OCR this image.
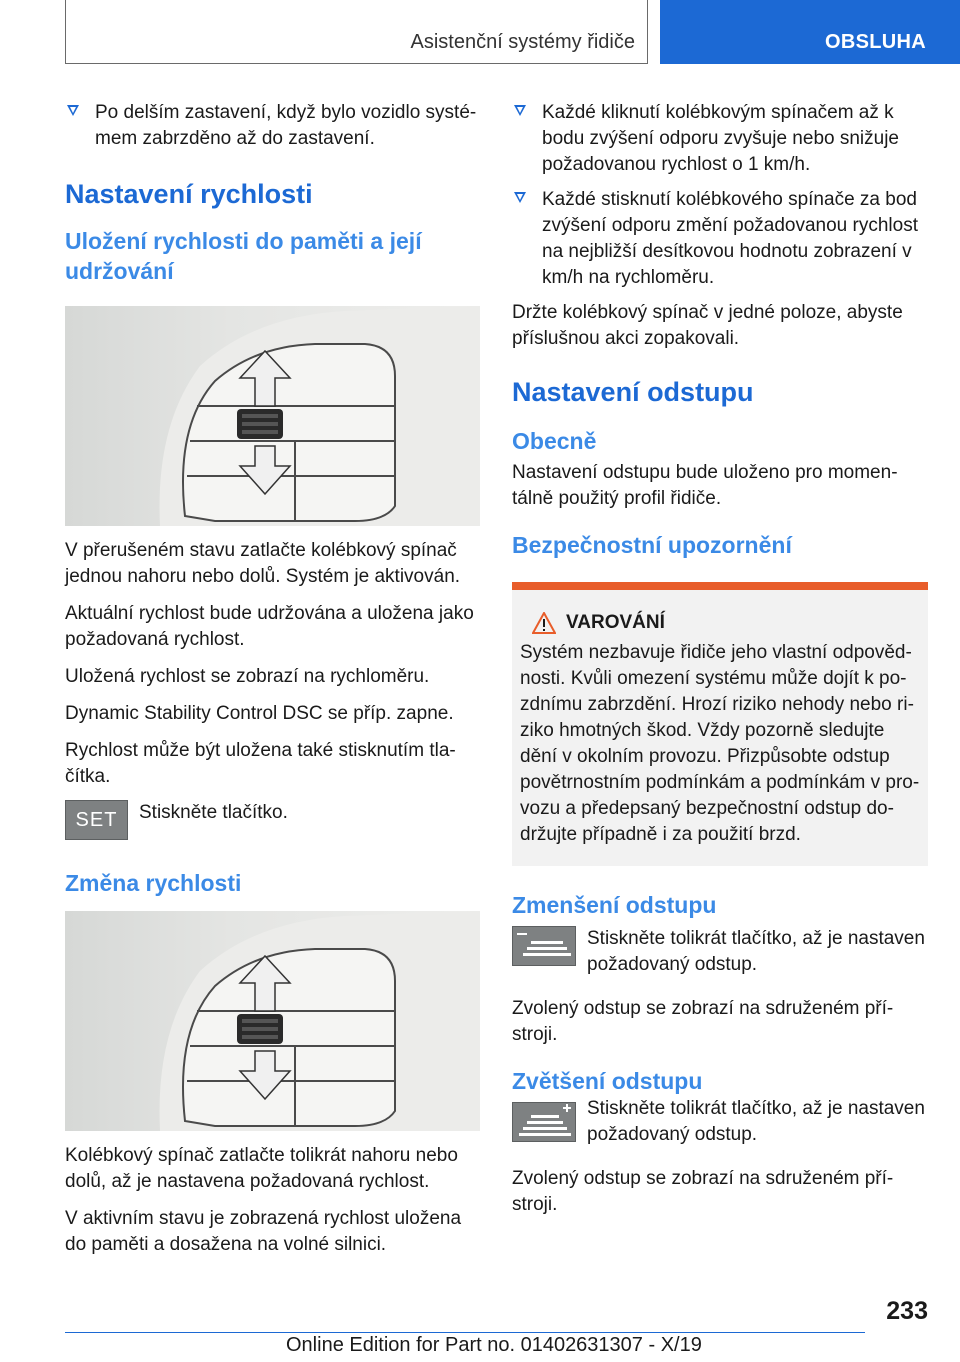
Asistenční systémy řidiče	OBSLUHA
Po delším zastavení, když bylo vozidlo systé‐mem zabrzděno až do zastavení.
Nastavení rychlosti
Uložení rychlosti do paměti a její udržování

V přerušeném stavu zatlačte kolébkový spínač jednou nahoru nebo dolů. Systém je aktivován.

Aktuální rychlost bude udržována a uložena jako požadovaná rychlost.

Uložená rychlost se zobrazí na rychloměru.

Dynamic Stability Control DSC se příp. zapne.

Rychlost může být uložena také stisknutím tla‐čítka.

SET Stiskněte tlačítko.

Změna rychlosti

Kolébkový spínač zatlačte tolikrát nahoru nebo dolů, až je nastavena požadovaná rychlost.

V aktivním stavu je zobrazená rychlost uložena do paměti a dosažena na volné silnici.

Každé kliknutí kolébkovým spínačem až k bodu zvýšení odporu zvyšuje nebo snižuje požadovanou rychlost o 1 km/h.
Každé stisknutí kolébkového spínače za bod zvýšení odporu změní požadovanou rychlost na nejbližší desítkovou hodnotu zobrazení v km/h na rychloměru.

Držte kolébkový spínač v jedné poloze, abyste příslušnou akci zopakovali.

Nastavení odstupu
Obecně

Nastavení odstupu bude uloženo pro momen‐tálně použitý profil řidiče.

Bezpečnostní upozornění
VAROVÁNÍ

Systém nezbavuje řidiče jeho vlastní odpověd‐nosti. Kvůli omezení systému může dojít k po‐zdnímu zabrzdění. Hrozí riziko nehody nebo ri‐ziko hmotných škod. Vždy pozorně sledujte dění v okolním provozu. Přizpůsobte odstup povětrnostním podmínkám a podmínkám v pro‐vozu a předepsaný bezpečnostní odstup do‐držujte případně i za použití brzd.

Zmenšení odstupu

Stiskněte tolikrát tlačítko, až je nastaven požadovaný odstup.

Zvolený odstup se zobrazí na sdruženém pří‐stroji.

Zvětšení odstupu

Stiskněte tolikrát tlačítko, až je nastaven požadovaný odstup.

Zvolený odstup se zobrazí na sdruženém pří‐stroji.

233
Online Edition for Part no. 01402631307 - X/19
